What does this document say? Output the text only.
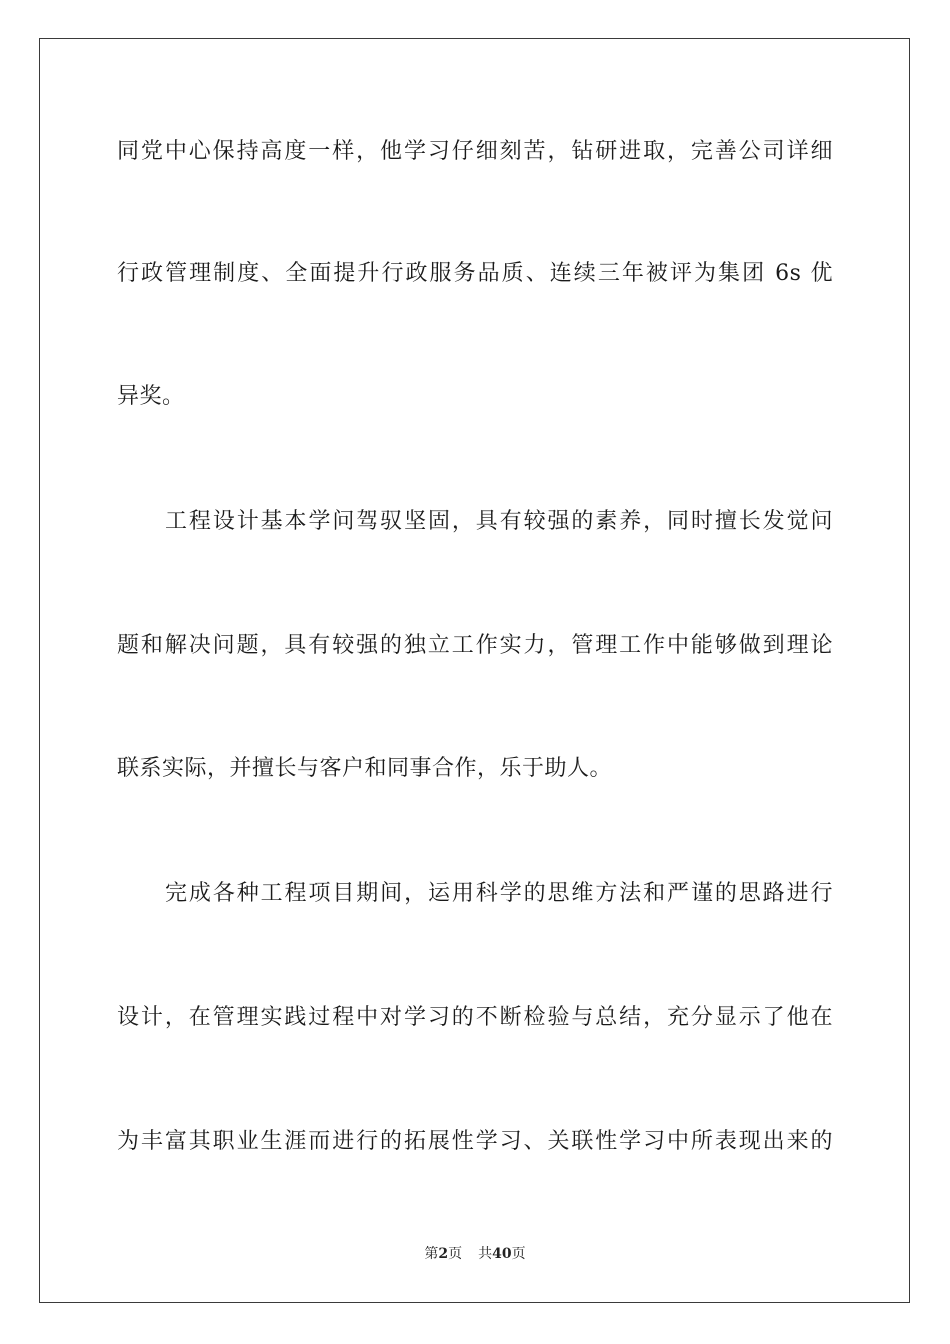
同党中心保持高度一样，他学习仔细刻苦，钻研进取，完善公司详细
行政管理制度、全面提升行政服务品质、连续三年被评为集团 6s 优
异奖。
工程设计基本学问驾驭坚固，具有较强的素养，同时擅长发觉问
题和解决问题，具有较强的独立工作实力，管理工作中能够做到理论
联系实际，并擅长与客户和同事合作，乐于助人。
完成各种工程项目期间，运用科学的思维方法和严谨的思路进行
设计，在管理实践过程中对学习的不断检验与总结，充分显示了他在
为丰富其职业生涯而进行的拓展性学习、关联性学习中所表现出来的
第2页 共40页
